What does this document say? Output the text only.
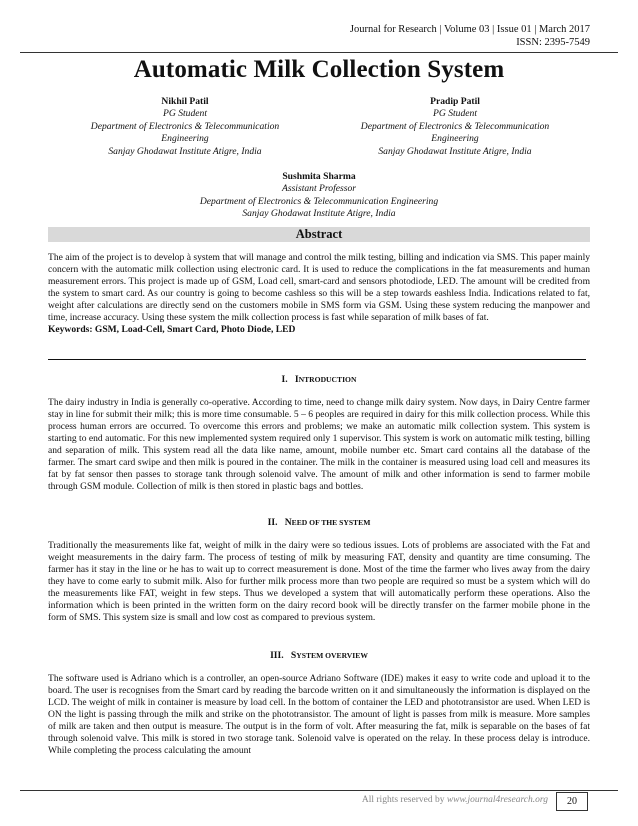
Journal for Research | Volume 03 | Issue 01 | March 2017
ISSN: 2395-7549
Automatic Milk Collection System
Nikhil Patil
PG Student
Department of Electronics & Telecommunication
Engineering
Sanjay Ghodawat Institute Atigre, India
Pradip Patil
PG Student
Department of Electronics & Telecommunication
Engineering
Sanjay Ghodawat Institute Atigre, India
Sushmita Sharma
Assistant Professor
Department of Electronics & Telecommunication Engineering
Sanjay Ghodawat Institute Atigre, India
Abstract

The aim of the project is to develop à system that will manage and control the milk testing, billing and indication via SMS. This paper mainly concern with the automatic milk collection using electronic card. It is used to reduce the complications in the fat measurements and human measurement errors. This project is made up of GSM, Load cell, smart-card and sensors photodiode, LED. The amount will be credited from the system to smart card. As our country is going to become cashless so this will be a step towards eashless India. Indications related to fat, weight after calculations are directly send on the customers mobile in SMS form via GSM. Using these system reducing the manpower and time, increase accuracy. Using these system the milk collection process is fast while separation of milk bases of fat.

Keywords: GSM, Load-Cell, Smart Card, Photo Diode, LED

I. INTRODUCTION

The dairy industry in India is generally co-operative. According to time, need to change milk dairy system. Now days, in Dairy Centre farmer stay in line for submit their milk; this is more time consumable. 5 – 6 peoples are required in dairy for this milk collection process. While this process human errors are occurred. To overcome this errors and problems; we make an automatic milk collection system. This system is starting to end automatic. For this new implemented system required only 1 supervisor. This system is work on automatic milk testing, billing and separation of milk. This system read all the data like name, amount, mobile number etc. Smart card contains all the database of the farmer. The smart card swipe and then milk is poured in the container. The milk in the container is measured using load cell and measures its fat by fat sensor then passes to storage tank through solenoid valve. The amount of milk and other information is send to farmer mobile through GSM module. Collection of milk is then stored in plastic bags and bottles.

II. NEED OF THE SYSTEM

Traditionally the measurements like fat, weight of milk in the dairy were so tedious issues. Lots of problems are associated with the Fat and weight measurements in the dairy farm. The process of testing of milk by measuring FAT, density and quantity are time consuming. The farmer has it stay in the line or he has to wait up to correct measurement is done. Most of the time the farmer who lives away from the dairy they have to come early to submit milk. Also for further milk process more than two people are required so must be a system which will do the measurements like FAT, weight in few steps. Thus we developed a system that will automatically perform these operations. Also the information which is been printed in the written form on the dairy record book will be directly transfer on the farmer mobile phone in the form of SMS. This system size is small and low cost as compared to previous system.

III. SYSTEM OVERVIEW

The software used is Adriano which is a controller, an open-source Adriano Software (IDE) makes it easy to write code and upload it to the board. The user is recognises from the Smart card by reading the barcode written on it and simultaneously the information is displayed on the LCD. The weight of milk in container is measure by load cell. In the bottom of container the LED and phototransistor are used. When LED is ON the light is passing through the milk and strike on the phototransistor. The amount of light is passes from milk is measure. More samples of milk are taken and then output is measure. The output is in the form of volt. After measuring the fat, milk is separable on the bases of fat through solenoid valve. This milk is stored in two storage tank. Solenoid valve is operated on the relay. In these process delay is introduce. While completing the process calculating the amount

All rights reserved by www.journal4research.org	20
